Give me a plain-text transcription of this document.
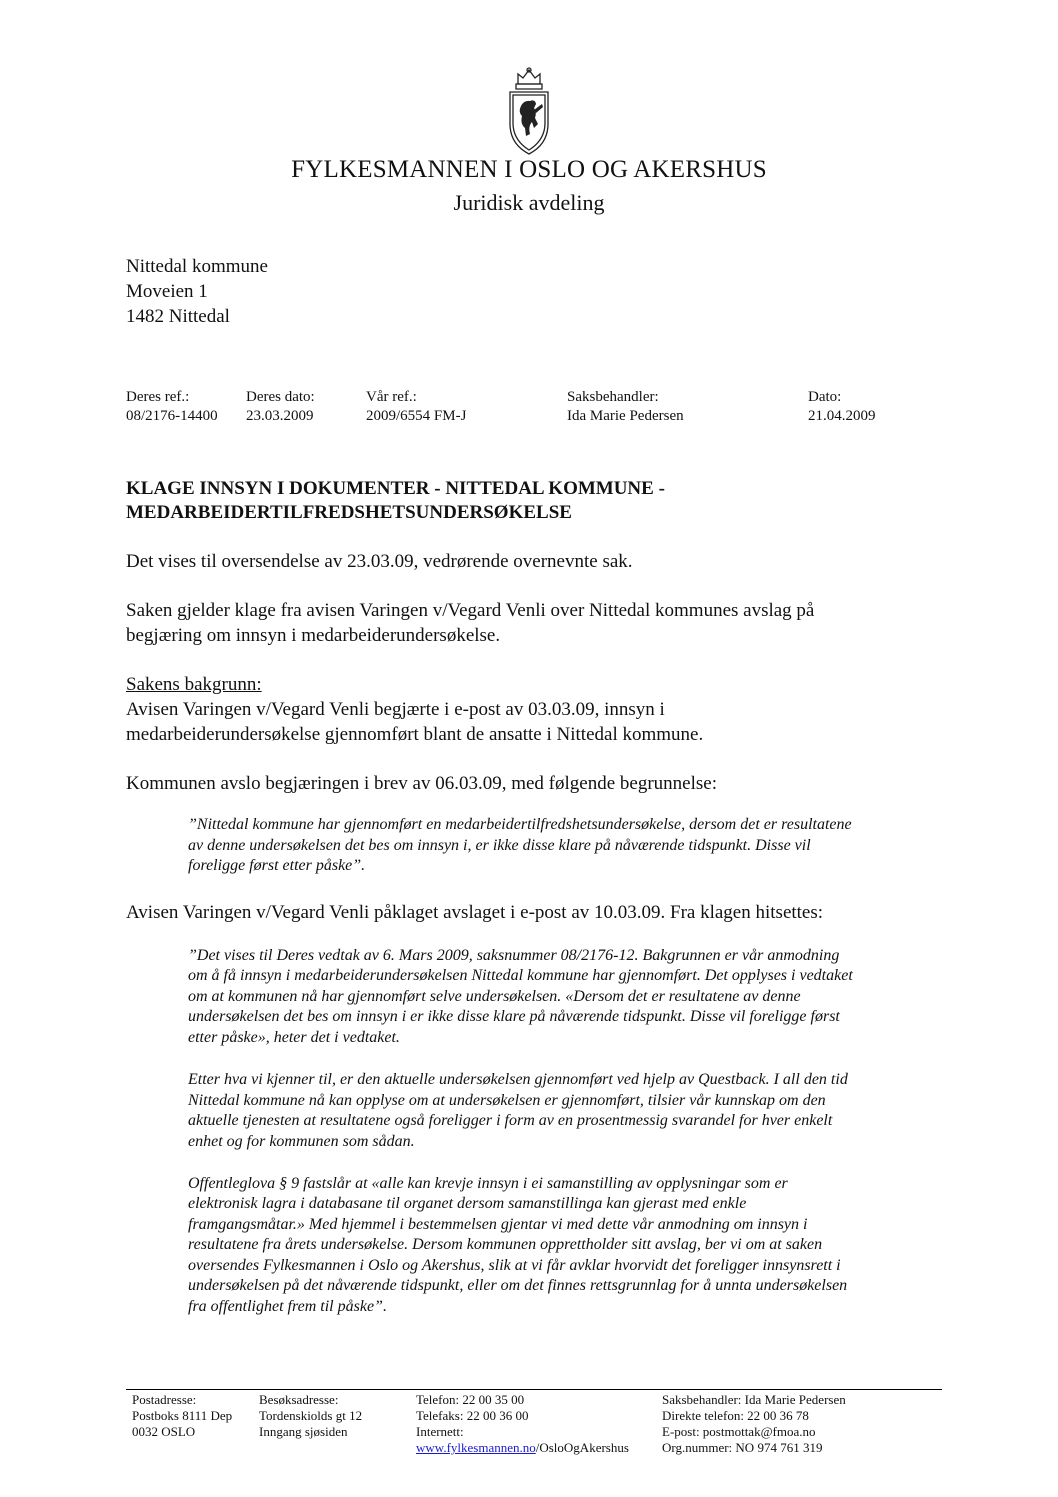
FYLKESMANNEN I OSLO OG AKERSHUS
Juridisk avdeling
Nittedal kommune
Moveien 1
1482 Nittedal
Deres ref.:
08/2176-14400
Deres dato:
23.03.2009
Vår ref.:
2009/6554 FM-J
Saksbehandler:
Ida Marie Pedersen
Dato:
21.04.2009
KLAGE INNSYN I DOKUMENTER - NITTEDAL KOMMUNE -
MEDARBEIDERTILFREDSHETSUNDERSØKELSE
Det vises til oversendelse av 23.03.09, vedrørende overnevnte sak.
Saken gjelder klage fra avisen Varingen v/Vegard Venli over Nittedal kommunes avslag på
begjæring om innsyn i medarbeiderundersøkelse.
Sakens bakgrunn:
Avisen Varingen v/Vegard Venli begjærte i e-post av 03.03.09, innsyn i
medarbeiderundersøkelse gjennomført blant de ansatte i Nittedal kommune.
Kommunen avslo begjæringen i brev av 06.03.09, med følgende begrunnelse:
”Nittedal kommune har gjennomført en medarbeidertilfredshetsundersøkelse, dersom det er resultatene
av denne undersøkelsen det bes om innsyn i, er ikke disse klare på nåværende tidspunkt. Disse vil
foreligge først etter påske”.
Avisen Varingen v/Vegard Venli påklaget avslaget i e-post av 10.03.09. Fra klagen hitsettes:
”Det vises til Deres vedtak av 6. Mars 2009, saksnummer 08/2176-12. Bakgrunnen er vår anmodning
om å få innsyn i medarbeiderundersøkelsen Nittedal kommune har gjennomført. Det opplyses i vedtaket
om at kommunen nå har gjennomført selve undersøkelsen. «Dersom det er resultatene av denne
undersøkelsen det bes om innsyn i er ikke disse klare på nåværende tidspunkt. Disse vil foreligge først
etter påske», heter det i vedtaket.
Etter hva vi kjenner til, er den aktuelle undersøkelsen gjennomført ved hjelp av Questback. I all den tid
Nittedal kommune nå kan opplyse om at undersøkelsen er gjennomført, tilsier vår kunnskap om den
aktuelle tjenesten at resultatene også foreligger i form av en prosentmessig svarandel for hver enkelt
enhet og for kommunen som sådan.
Offentleglova § 9 fastslår at «alle kan krevje innsyn i ei samanstilling av opplysningar som er
elektronisk lagra i databasane til organet dersom samanstillinga kan gjerast med enkle
framgangsmåtar.» Med hjemmel i bestemmelsen gjentar vi med dette vår anmodning om innsyn i
resultatene fra årets undersøkelse. Dersom kommunen opprettholder sitt avslag, ber vi om at saken
oversendes Fylkesmannen i Oslo og Akershus, slik at vi får avklar hvorvidt det foreligger innsynsrett i
undersøkelsen på det nåværende tidspunkt, eller om det finnes rettsgrunnlag for å unnta undersøkelsen
fra offentlighet frem til påske”.
Postadresse:
Postboks 8111 Dep
0032 OSLO
Besøksadresse:
Tordenskiolds gt 12
Inngang sjøsiden
Telefon: 22 00 35 00
Telefaks: 22 00 36 00
Internett:
www.fylkesmannen.no/OsloOgAkershus
Saksbehandler: Ida Marie Pedersen
Direkte telefon: 22 00 36 78
E-post: postmottak@fmoa.no
Org.nummer: NO 974 761 319
